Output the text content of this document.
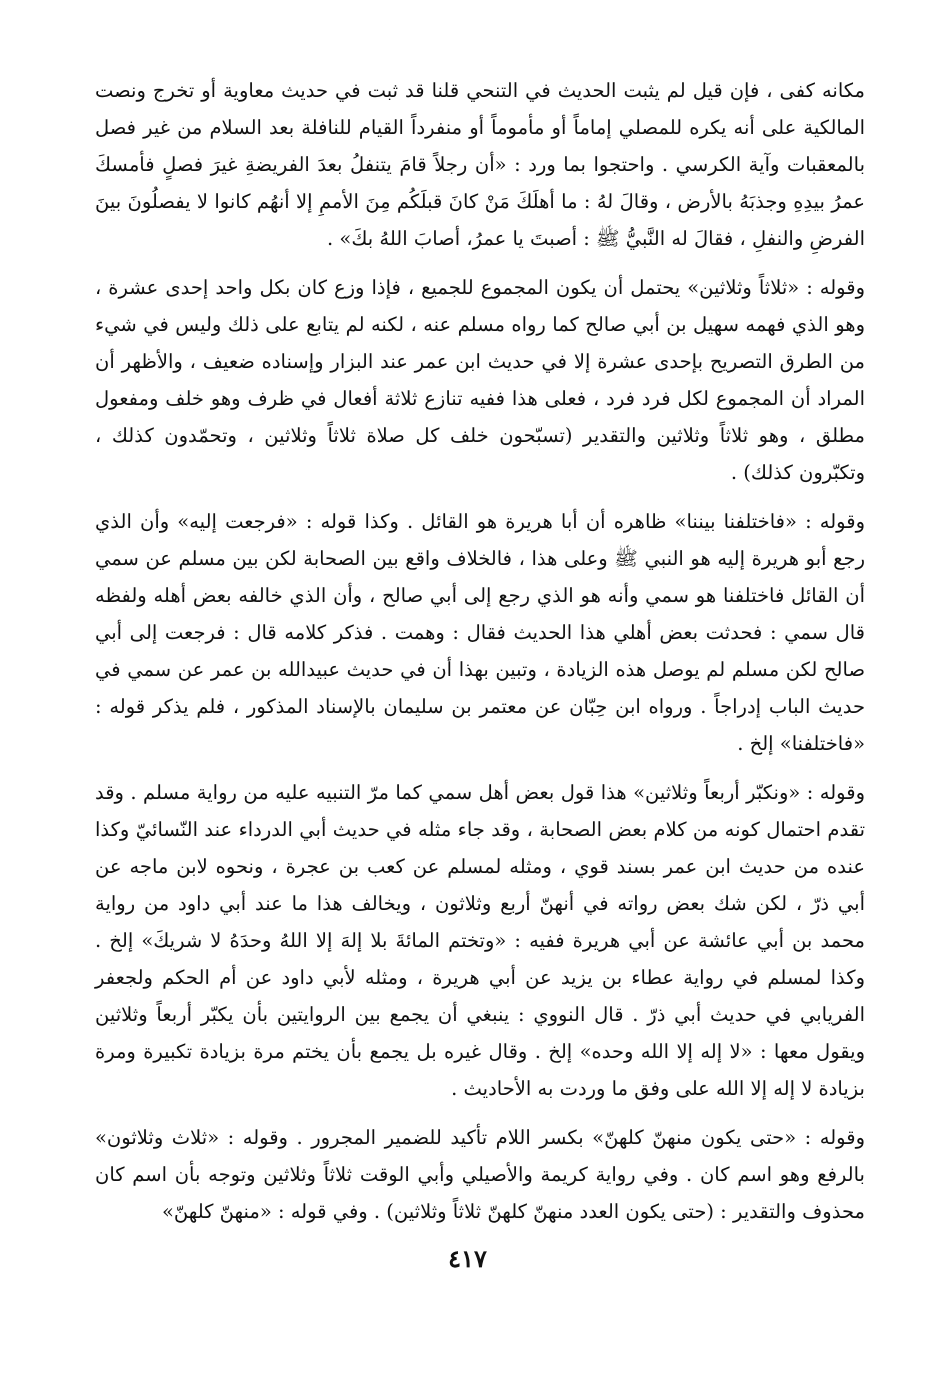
مكانه كفى ، فإن قيل لم يثبت الحديث في التنحي قلنا قد ثبت في حديث معاوية أو تخرج ونصت المالكية على أنه يكره للمصلي إماماً أو مأموماً أو منفرداً القيام للنافلة بعد السلام من غير فصل بالمعقبات وآية الكرسي . واحتجوا بما ورد : «أن رجلاً قامَ يتنفلُ بعدَ الفريضةِ غيرَ فصلٍ فأمسكَ عمرُ بيدِهِ وجذبَهُ بالأرض ، وقالَ لهُ : ما أهلَكَ مَنْ كانَ قبلَكُم مِنَ الأممِ إلا أنهُم كانوا لا يفصلُونَ بينَ الفرضِ والنفلِ ، فقالَ له النَّبيُّ ﷺ : أصبتَ يا عمرُ، أصابَ اللهُ بكَ» .

وقوله : «ثلاثاً وثلاثين» يحتمل أن يكون المجموع للجميع ، فإذا وزع كان بكل واحد إحدى عشرة ، وهو الذي فهمه سهيل بن أبي صالح كما رواه مسلم عنه ، لكنه لم يتابع على ذلك وليس في شيء من الطرق التصريح بإحدى عشرة إلا في حديث ابن عمر عند البزار وإسناده ضعيف ، والأظهر أن المراد أن المجموع لكل فرد فرد ، فعلى هذا ففيه تنازع ثلاثة أفعال في ظرف وهو خلف ومفعول مطلق ، وهو ثلاثاً وثلاثين والتقدير (تسبّحون خلف كل صلاة ثلاثاً وثلاثين ، وتحمّدون كذلك ، وتكبّرون كذلك) .

وقوله : «فاختلفنا بيننا» ظاهره أن أبا هريرة هو القائل . وكذا قوله : «فرجعت إليه» وأن الذي رجع أبو هريرة إليه هو النبي ﷺ وعلى هذا ، فالخلاف واقع بين الصحابة لكن بين مسلم عن سمي أن القائل فاختلفنا هو سمي وأنه هو الذي رجع إلى أبي صالح ، وأن الذي خالفه بعض أهله ولفظه قال سمي : فحدثت بعض أهلي هذا الحديث فقال : وهمت . فذكر كلامه قال : فرجعت إلى أبي صالح لكن مسلم لم يوصل هذه الزيادة ، وتبين بهذا أن في حديث عبيدالله بن عمر عن سمي في حديث الباب إدراجاً . ورواه ابن حِبّان عن معتمر بن سليمان بالإسناد المذكور ، فلم يذكر قوله : «فاختلفنا» إلخ .

وقوله : «ونكبّر أربعاً وثلاثين» هذا قول بعض أهل سمي كما مرّ التنبيه عليه من رواية مسلم . وقد تقدم احتمال كونه من كلام بعض الصحابة ، وقد جاء مثله في حديث أبي الدرداء عند النّسائيّ وكذا عنده من حديث ابن عمر بسند قوي ، ومثله لمسلم عن كعب بن عجرة ، ونحوه لابن ماجه عن أبي ذرّ ، لكن شك بعض رواته في أنهنّ أربع وثلاثون ، ويخالف هذا ما عند أبي داود من رواية محمد بن أبي عائشة عن أبي هريرة ففيه : «وتختم المائةَ بلا إلهَ إلا اللهُ وحدَهُ لا شريكَ» إلخ . وكذا لمسلم في رواية عطاء بن يزيد عن أبي هريرة ، ومثله لأبي داود عن أم الحكم ولجعفر الفريابي في حديث أبي ذرّ . قال النووي : ينبغي أن يجمع بين الروايتين بأن يكبّر أربعاً وثلاثين ويقول معها : «لا إله إلا الله وحده» إلخ . وقال غيره بل يجمع بأن يختم مرة بزيادة تكبيرة ومرة بزيادة لا إله إلا الله على وفق ما وردت به الأحاديث .

وقوله : «حتى يكون منهنّ كلهنّ» بكسر اللام تأكيد للضمير المجرور . وقوله : «ثلاث وثلاثون» بالرفع وهو اسم كان . وفي رواية كريمة والأصيلي وأبي الوقت ثلاثاً وثلاثين وتوجه بأن اسم كان محذوف والتقدير : (حتى يكون العدد منهنّ كلهنّ ثلاثاً وثلاثين) . وفي قوله : «منهنّ كلهنّ»

٤١٧
